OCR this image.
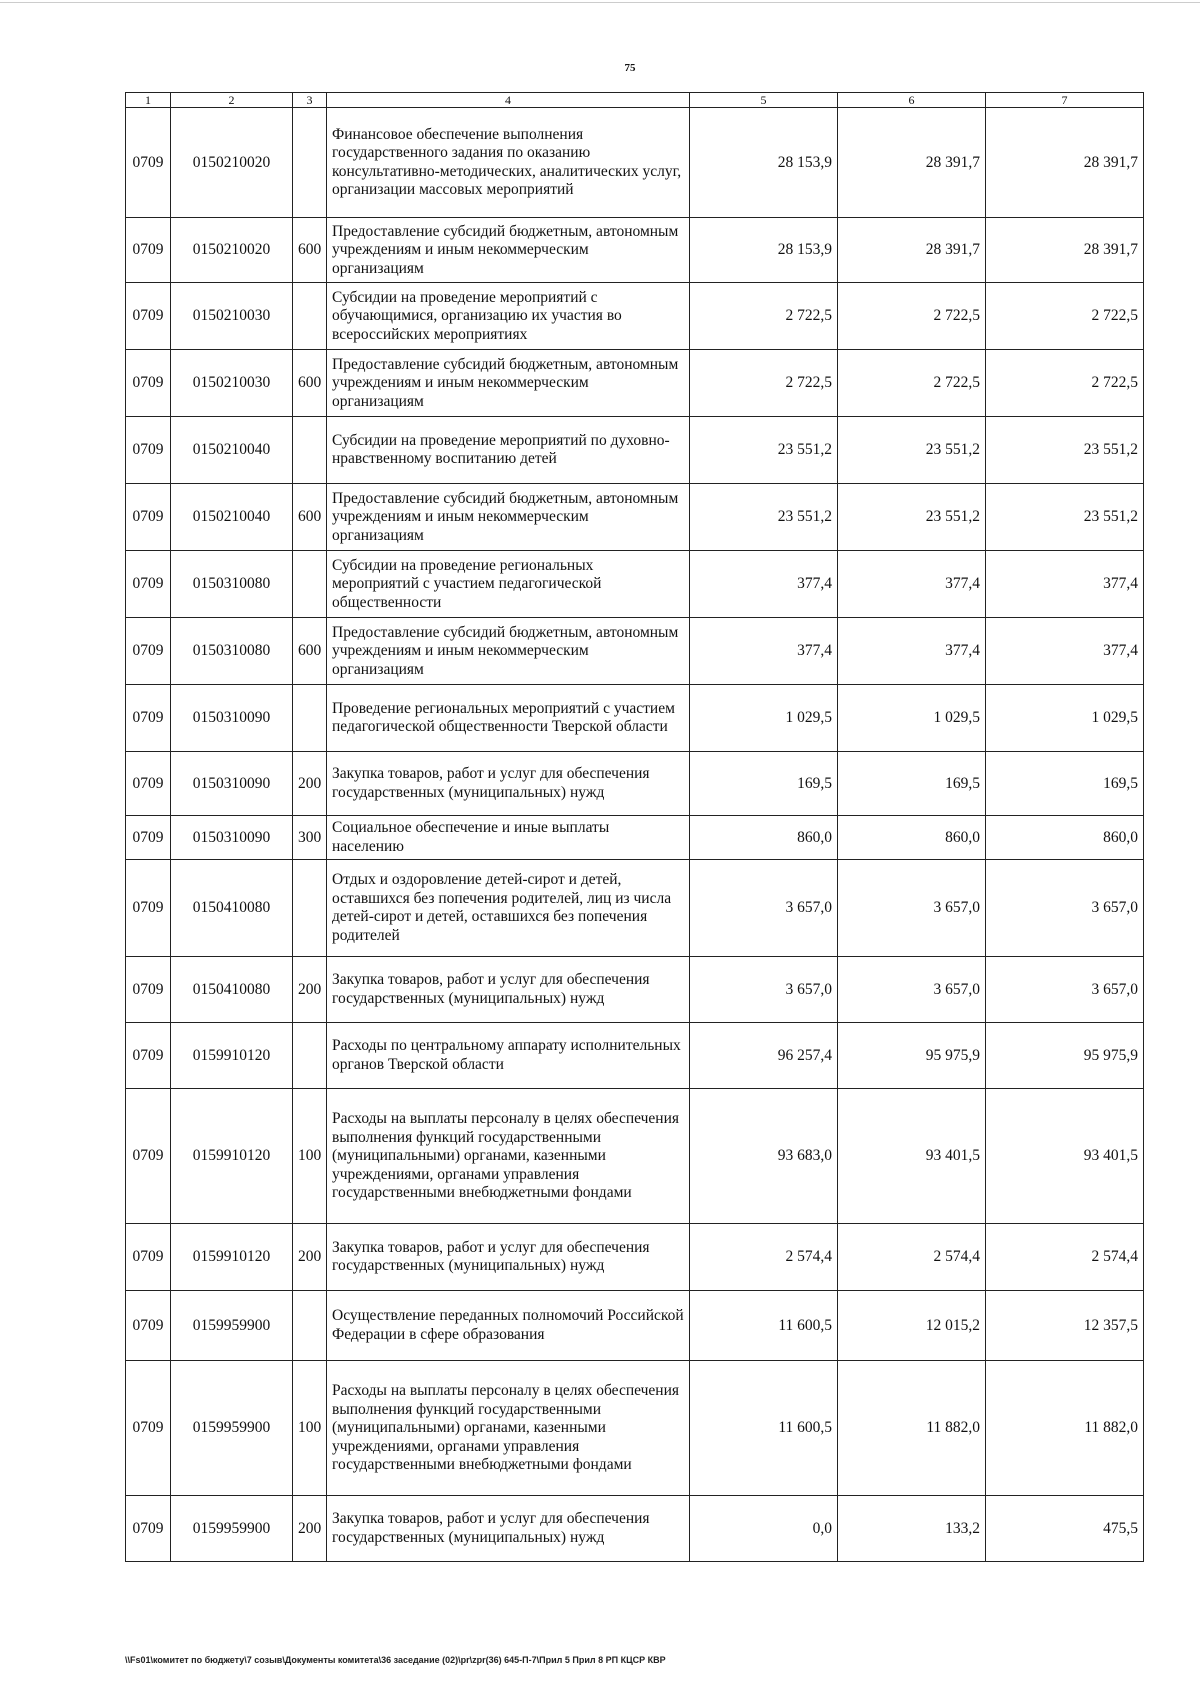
75
1	2	3	4	5	6	7
0709	0150210020		Финансовое обеспечение выполнения государственного задания по оказанию консультативно-методических, аналитических услуг, организации массовых мероприятий	28 153,9	28 391,7	28 391,7
0709	0150210020	600	Предоставление субсидий бюджетным, автономным учреждениям и иным некоммерческим организациям	28 153,9	28 391,7	28 391,7
0709	0150210030		Субсидии на проведение мероприятий с обучающимися, организацию их участия во всероссийских мероприятиях	2 722,5	2 722,5	2 722,5
0709	0150210030	600	Предоставление субсидий бюджетным, автономным учреждениям и иным некоммерческим организациям	2 722,5	2 722,5	2 722,5
0709	0150210040		Субсидии на проведение мероприятий по духовно-нравственному воспитанию детей	23 551,2	23 551,2	23 551,2
0709	0150210040	600	Предоставление субсидий бюджетным, автономным учреждениям и иным некоммерческим организациям	23 551,2	23 551,2	23 551,2
0709	0150310080		Субсидии на проведение региональных мероприятий с участием педагогической общественности	377,4	377,4	377,4
0709	0150310080	600	Предоставление субсидий бюджетным, автономным учреждениям и иным некоммерческим организациям	377,4	377,4	377,4
0709	0150310090		Проведение региональных мероприятий с участием педагогической общественности Тверской области	1 029,5	1 029,5	1 029,5
0709	0150310090	200	Закупка товаров, работ и услуг для обеспечения государственных (муниципальных) нужд	169,5	169,5	169,5
0709	0150310090	300	Социальное обеспечение и иные выплаты населению	860,0	860,0	860,0
0709	0150410080		Отдых и оздоровление детей-сирот и детей, оставшихся без попечения родителей, лиц из числа детей-сирот и детей, оставшихся без попечения родителей	3 657,0	3 657,0	3 657,0
0709	0150410080	200	Закупка товаров, работ и услуг для обеспечения государственных (муниципальных) нужд	3 657,0	3 657,0	3 657,0
0709	0159910120		Расходы по центральному аппарату исполнительных органов Тверской области	96 257,4	95 975,9	95 975,9
0709	0159910120	100	Расходы на выплаты персоналу в целях обеспечения выполнения функций государственными (муниципальными) органами, казенными учреждениями, органами управления государственными внебюджетными фондами	93 683,0	93 401,5	93 401,5
0709	0159910120	200	Закупка товаров, работ и услуг для обеспечения государственных (муниципальных) нужд	2 574,4	2 574,4	2 574,4
0709	0159959900		Осуществление переданных полномочий Российской Федерации в сфере образования	11 600,5	12 015,2	12 357,5
0709	0159959900	100	Расходы на выплаты персоналу в целях обеспечения выполнения функций государственными (муниципальными) органами, казенными учреждениями, органами управления государственными внебюджетными фондами	11 600,5	11 882,0	11 882,0
0709	0159959900	200	Закупка товаров, работ и услуг для обеспечения государственных (муниципальных) нужд	0,0	133,2	475,5
\\Fs01\комитет по бюджету\7 созыв\Документы комитета\36 заседание (02)\pr\zpr(36) 645-П-7\Прил 5 Прил 8 РП КЦСР КВР
